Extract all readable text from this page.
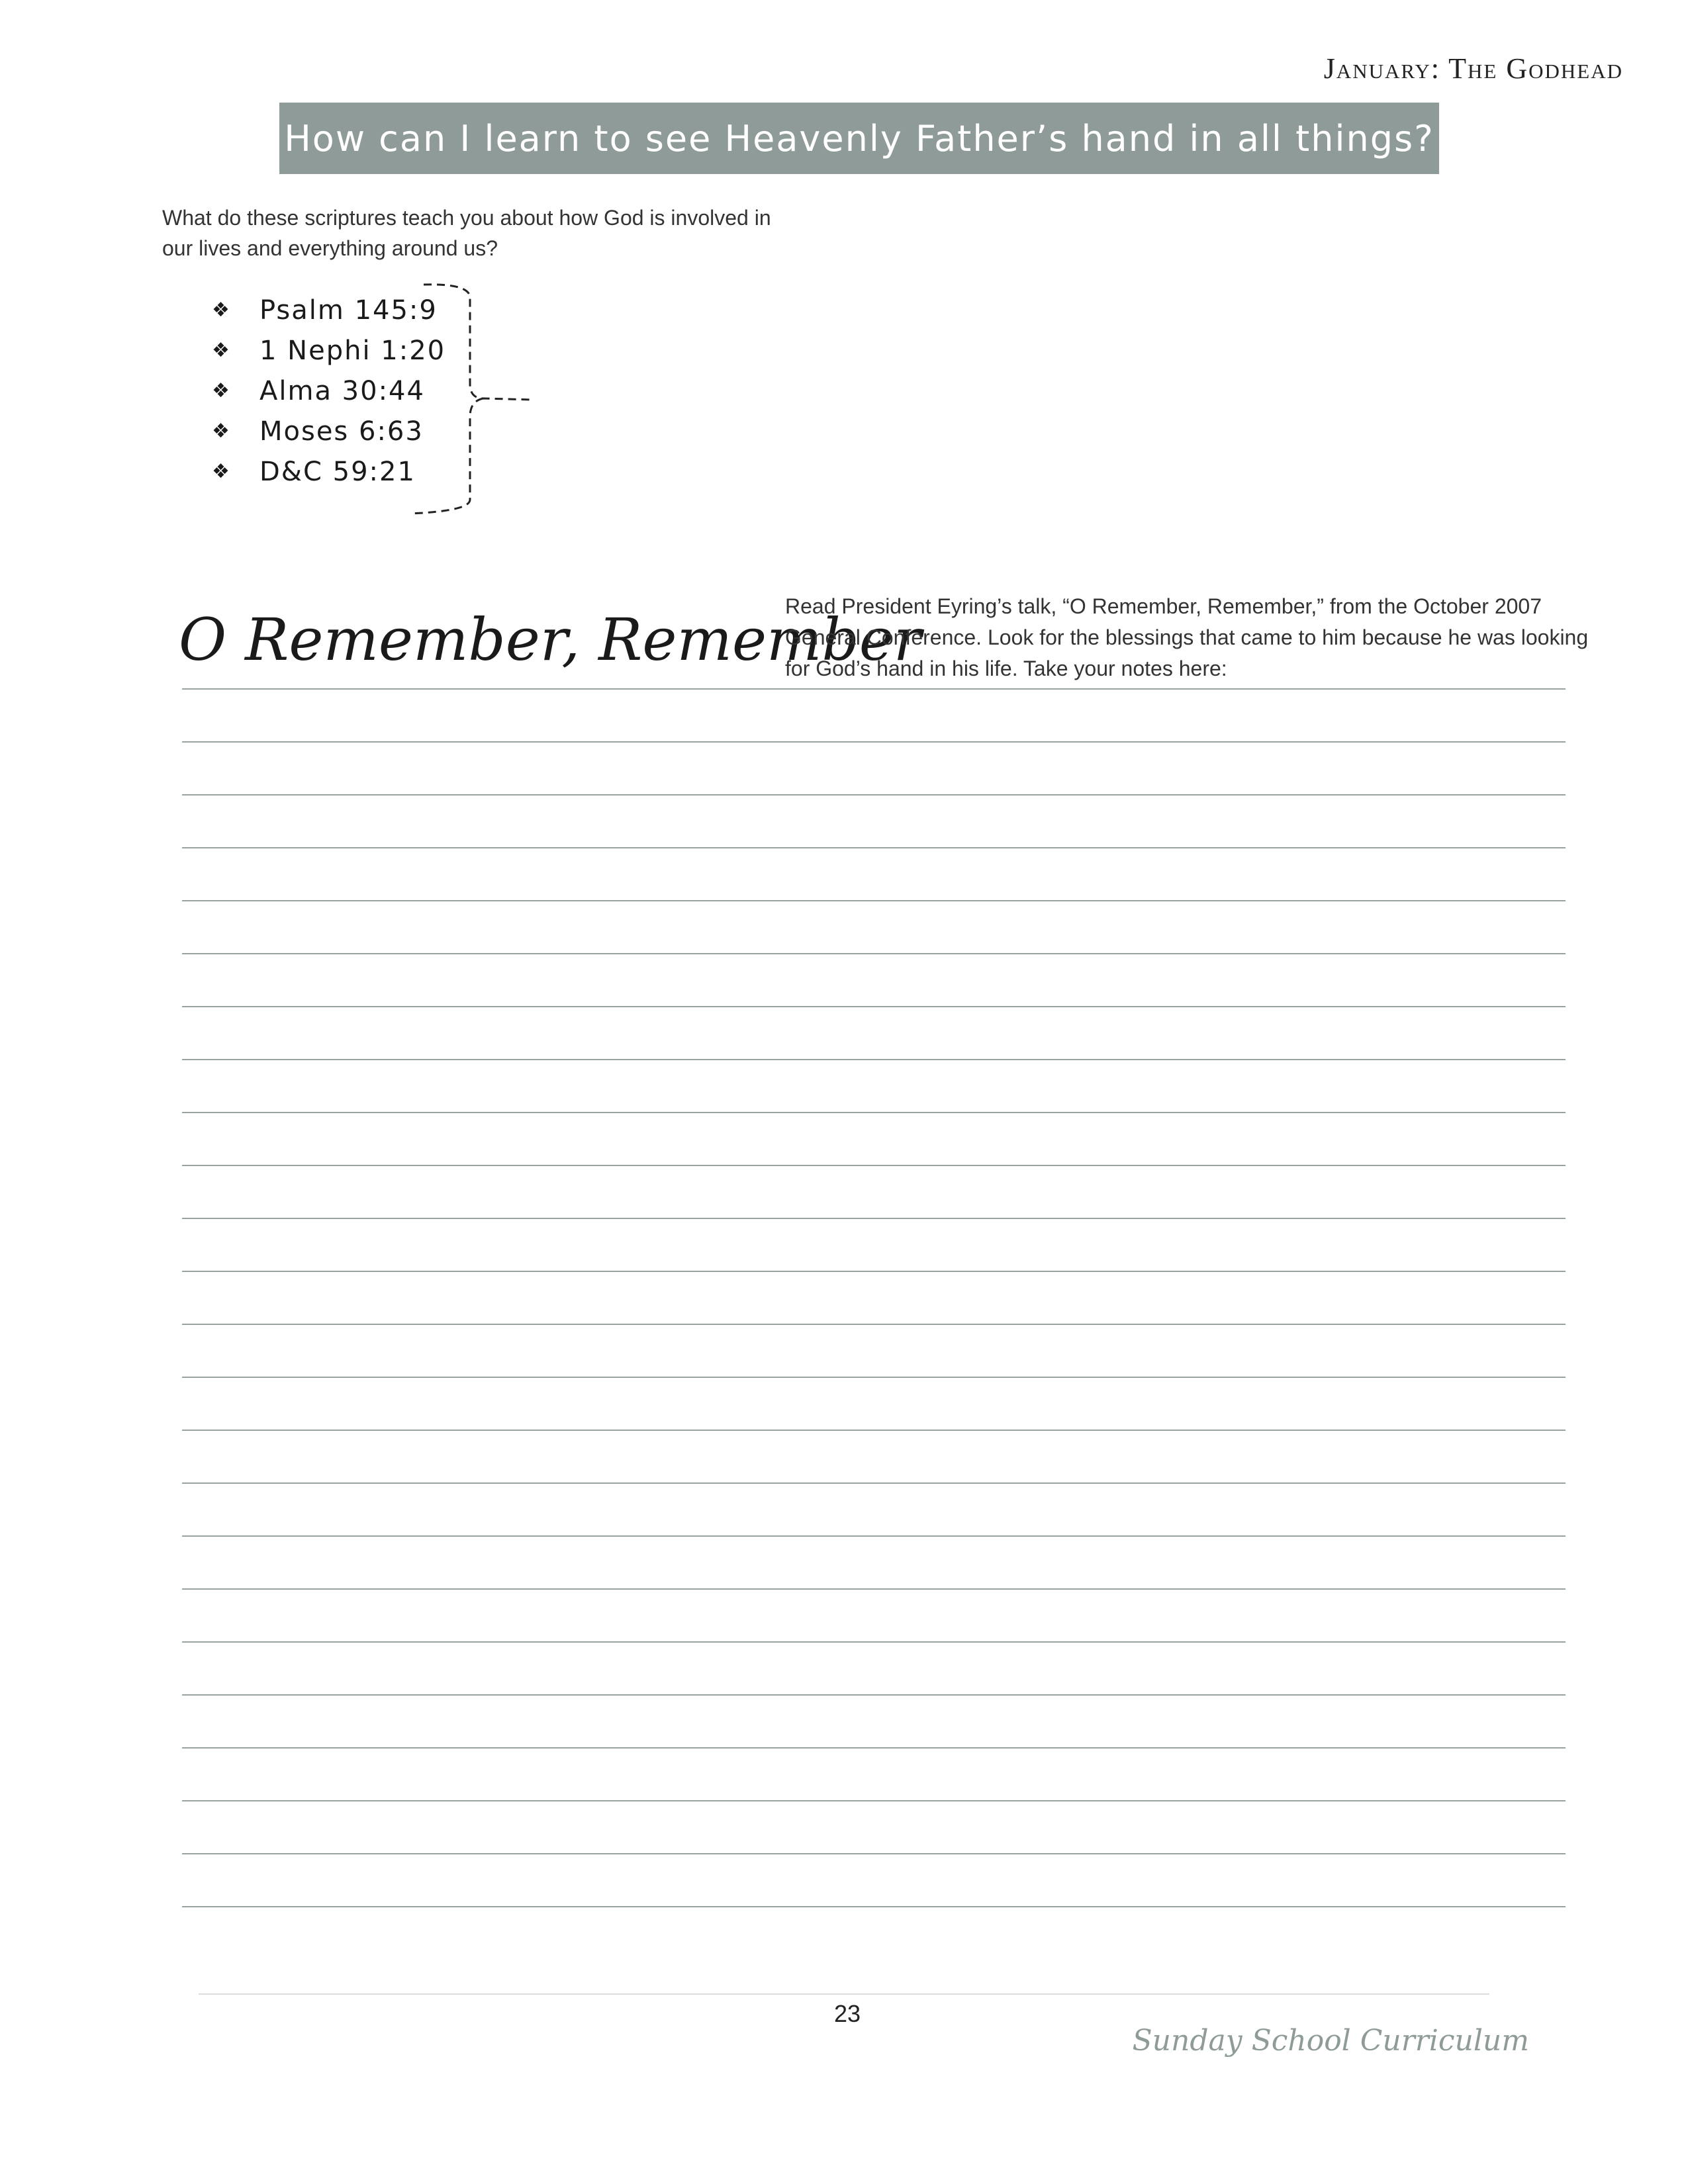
January: The Godhead
How can I learn to see Heavenly Father’s hand in all things?
What do these scriptures teach you about how God is involved in our lives and everything around us?
❖	Psalm 145:9
❖	1 Nephi 1:20
❖	Alma 30:44
❖	Moses 6:63
❖	D&C 59:21
O Remember, Remember
Read President Eyring’s talk, “O Remember, Remember,” from the October 2007 General Conference. Look for the blessings that came to him because he was looking for God’s hand in his life. Take your notes here:
23
Sunday School Curriculum
